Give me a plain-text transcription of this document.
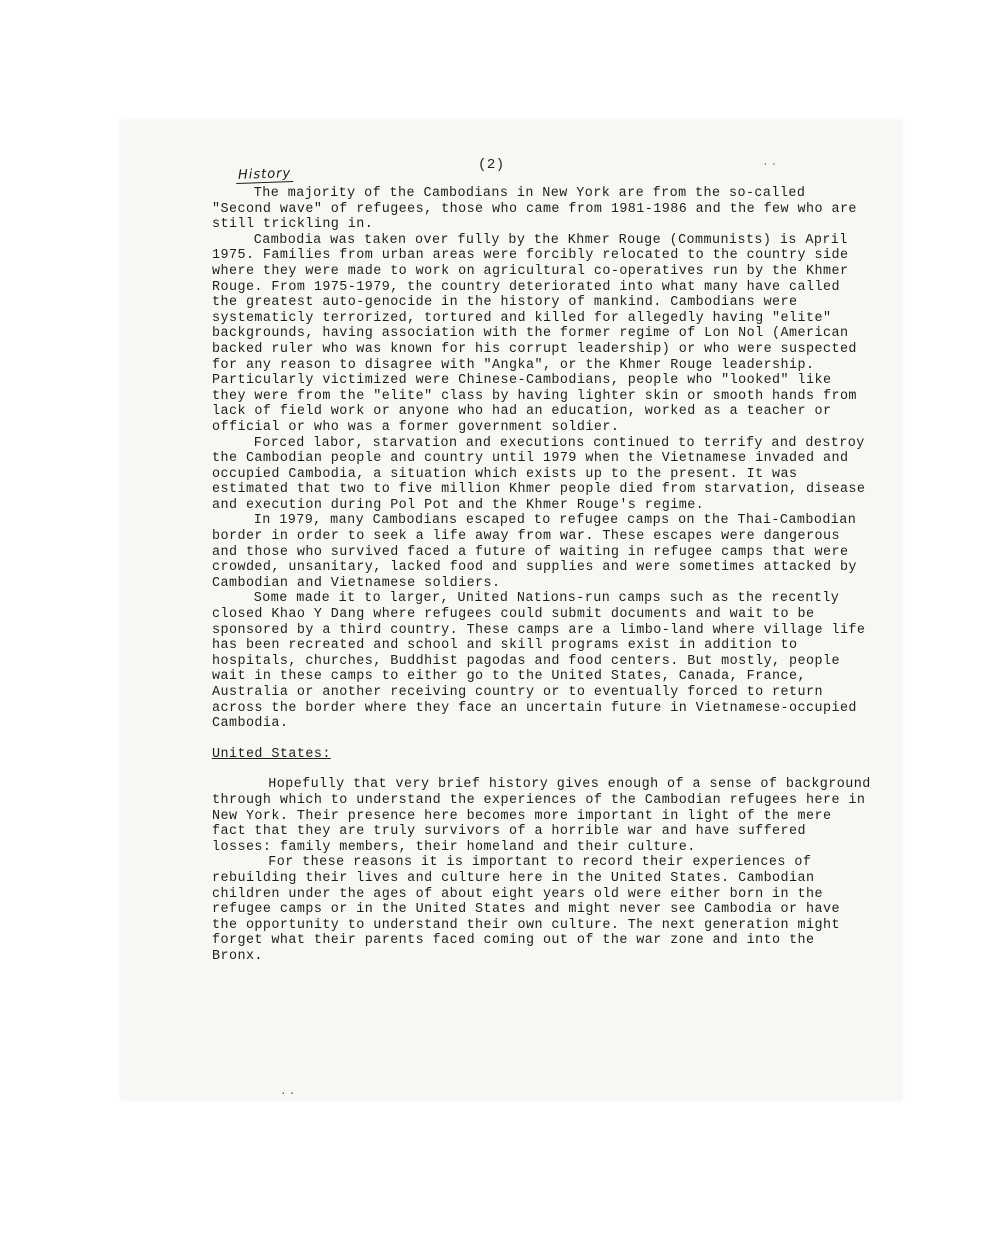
History
(2)	..

The majority of the Cambodians in New York are from the so-called "Second wave" of refugees, those who came from 1981-1986 and the few who are still trickling in.

Cambodia was taken over fully by the Khmer Rouge (Communists) is April 1975. Families from urban areas were forcibly relocated to the country side where they were made to work on agricultural co-operatives run by the Khmer Rouge. From 1975-1979, the country deteriorated into what many have called the greatest auto-genocide in the history of mankind. Cambodians were systematicly terrorized, tortured and killed for allegedly having "elite" backgrounds, having association with the former regime of Lon Nol (American backed ruler who was known for his corrupt leadership) or who were suspected for any reason to disagree with "Angka", or the Khmer Rouge leadership. Particularly victimized were Chinese-Cambodians, people who "looked" like they were from the "elite" class by having lighter skin or smooth hands from lack of field work or anyone who had an education, worked as a teacher or official or who was a former government soldier.

Forced labor, starvation and executions continued to terrify and destroy the Cambodian people and country until 1979 when the Vietnamese invaded and occupied Cambodia, a situation which exists up to the present. It was estimated that two to five million Khmer people died from starvation, disease and execution during Pol Pot and the Khmer Rouge's regime.

In 1979, many Cambodians escaped to refugee camps on the Thai-Cambodian border in order to seek a life away from war. These escapes were dangerous and those who survived faced a future of waiting in refugee camps that were crowded, unsanitary, lacked food and supplies and were sometimes attacked by Cambodian and Vietnamese soldiers.

Some made it to larger, United Nations-run camps such as the recently closed Khao Y Dang where refugees could submit documents and wait to be sponsored by a third country. These camps are a limbo-land where village life has been recreated and school and skill programs exist in addition to hospitals, churches, Buddhist pagodas and food centers. But mostly, people wait in these camps to either go to the United States, Canada, France, Australia or another receiving country or to eventually forced to return across the border where they face an uncertain future in Vietnamese-occupied Cambodia.

United States:

Hopefully that very brief history gives enough of a sense of background through which to understand the experiences of the Cambodian refugees here in New York. Their presence here becomes more important in light of the mere fact that they are truly survivors of a horrible war and have suffered losses: family members, their homeland and their culture.

For these reasons it is important to record their experiences of rebuilding their lives and culture here in the United States. Cambodian children under the ages of about eight years old were either born in the refugee camps or in the United States and might never see Cambodia or have the opportunity to understand their own culture. The next generation might forget what their parents faced coming out of the war zone and into the Bronx.

..
